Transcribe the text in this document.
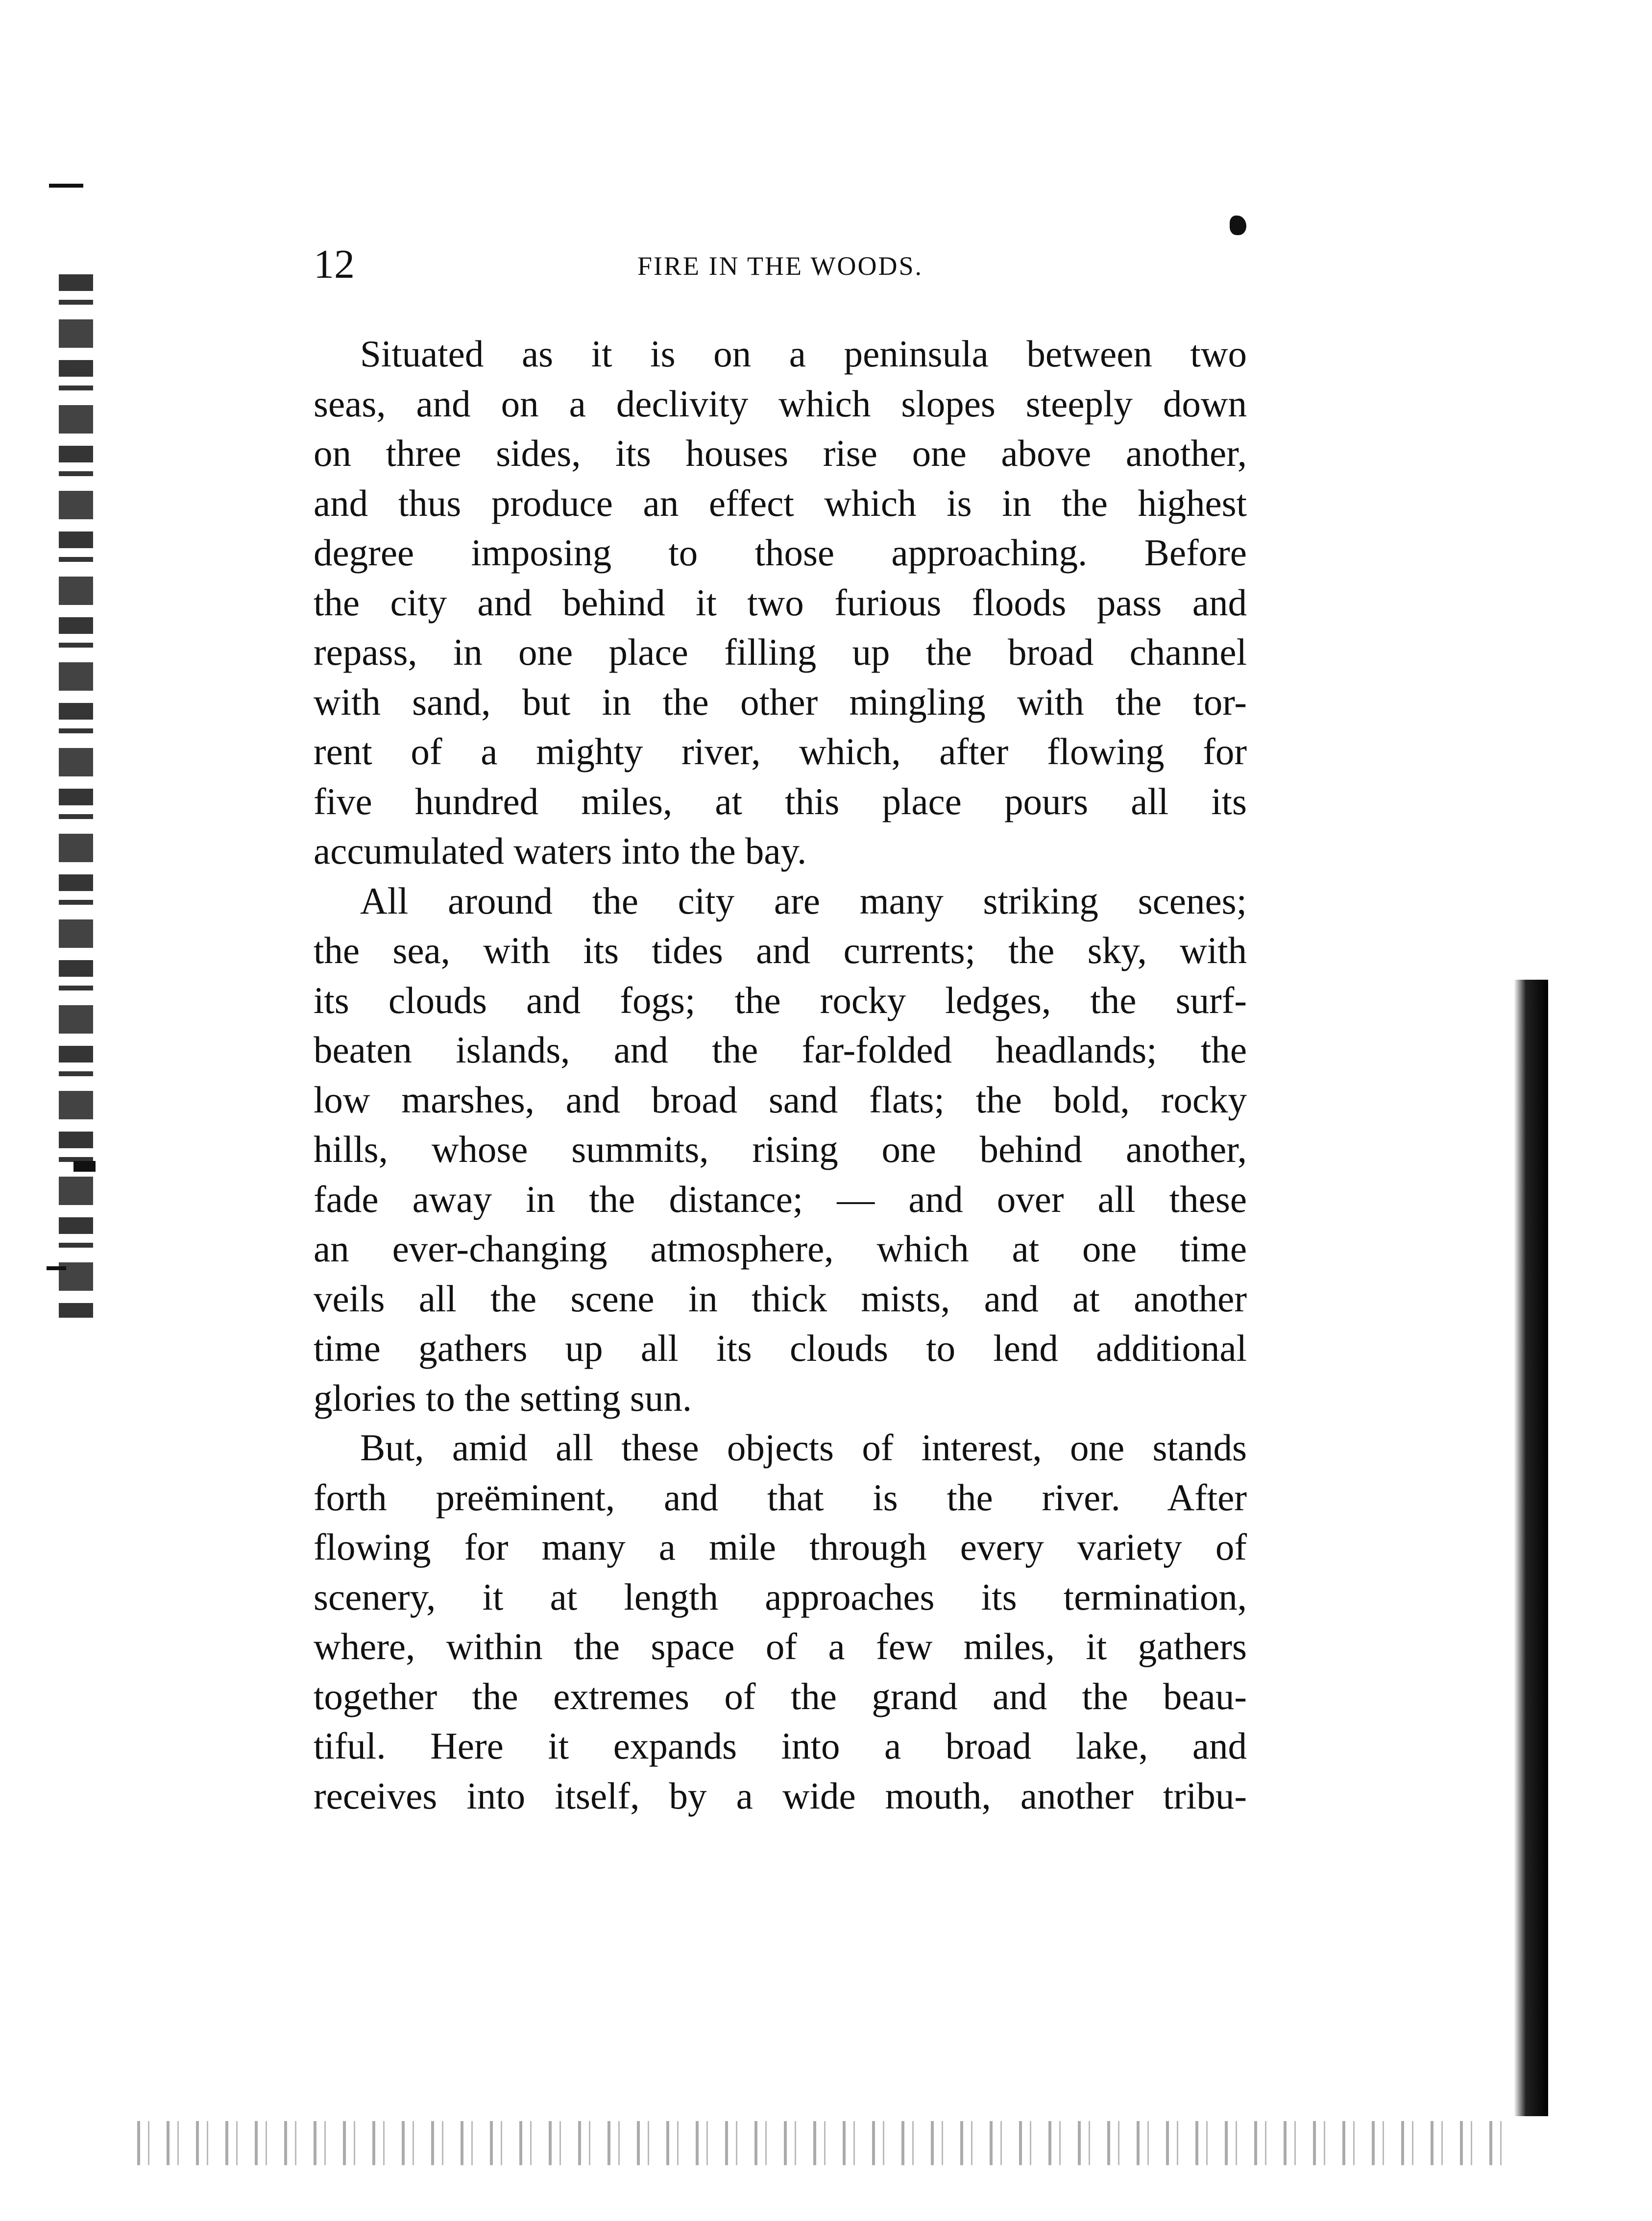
12	FIRE IN THE WOODS.
Situated as it is on a peninsula between two
seas, and on a declivity which slopes steeply down
on three sides, its houses rise one above another,
and thus produce an effect which is in the highest
degree imposing to those approaching. Before
the city and behind it two furious floods pass and
repass, in one place filling up the broad channel
with sand, but in the other mingling with the tor-
rent of a mighty river, which, after flowing for
five hundred miles, at this place pours all its
accumulated waters into the bay.
All around the city are many striking scenes;
the sea, with its tides and currents; the sky, with
its clouds and fogs; the rocky ledges, the surf-
beaten islands, and the far-folded headlands; the
low marshes, and broad sand flats; the bold, rocky
hills, whose summits, rising one behind another,
fade away in the distance; — and over all these
an ever-changing atmosphere, which at one time
veils all the scene in thick mists, and at another
time gathers up all its clouds to lend additional
glories to the setting sun.
But, amid all these objects of interest, one stands
forth preëminent, and that is the river. After
flowing for many a mile through every variety of
scenery, it at length approaches its termination,
where, within the space of a few miles, it gathers
together the extremes of the grand and the beau-
tiful. Here it expands into a broad lake, and
receives into itself, by a wide mouth, another tribu-
